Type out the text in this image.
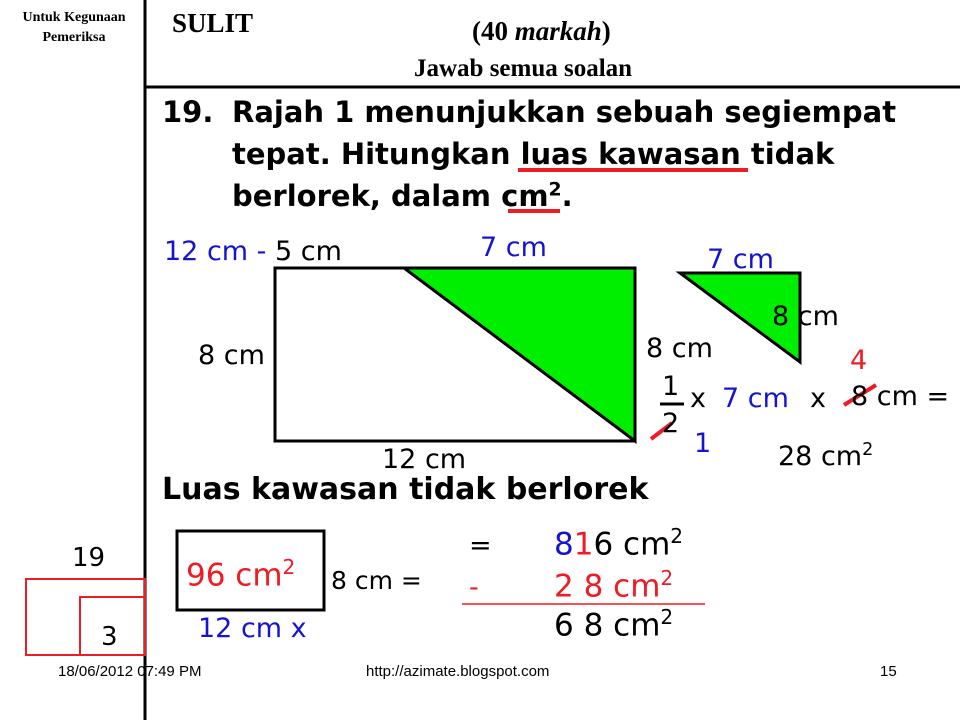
Untuk Kegunaan
Pemeriksa
19
3
SULIT	(40 markah)
Jawab semua soalan
19. Rajah 1 menunjukkan sebuah segiempat
tepat. Hitungkan luas kawasan tidak
berlorek, dalam $cm^2$.
12 cm - 5 cm	7 cm
8 cm	8 cm
12 cm
7 cm
8 cm
1
2
x 7 cm x 8 cm =
4
1 28 $cm^2$
Luas kawasan tidak berlorek
96 $cm^2$ 8 cm =
12 cm x
=
-
816 $cm^2$
2 8 $cm^2$
6 8 $cm^2$
18/06/2012 07:49 PM	http://azimate.blogspot.com	15
